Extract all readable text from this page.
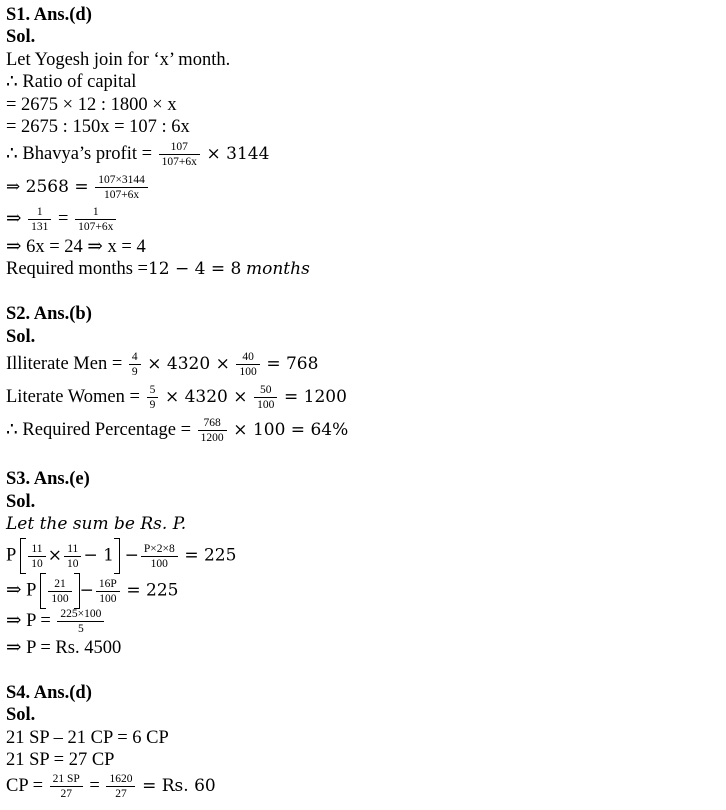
S1. Ans.(d)
Sol.
Let Yogesh join for ‘x’ month.
∴ Ratio of capital
= 2675 × 12 : 1800 × x
= 2675 : 150x = 107 : 6x
∴ Bhavya’s profit = $\frac{107}{107+6x} \times 3144$
⇒ $2568 = \frac{107\times 3144}{107+6x}$
⇒ $\frac{1}{131} = \frac{1}{107+6x}$
⇒ 6x = 24 ⇒ x = 4
Required months =12 − 4 = 8 months
S2. Ans.(b)
Sol.
Illiterate Men = $\frac{4}{9} \times 4320 \times \frac{40}{100} = 768$
Literate Women = $\frac{5}{9} \times 4320 \times \frac{50}{100} = 1200$
∴ Required Percentage = $\frac{768}{1200} \times 100 = 64\%$
S3. Ans.(e)
Sol.
Let the sum be Rs. P.
P $\frac{11}{10} \times \frac{11}{10} - 1 - \frac{P\times 2\times 8}{100} = 225$
⇒ P $\frac{21}{100} - \frac{16P}{100} = 225$
⇒ $P = \frac{225\times 100}{5}$
⇒ P = Rs. 4500
S4. Ans.(d)
Sol.
21 SP – 21 CP = 6 CP
21 SP = 27 CP
CP = $\frac{21 SP}{27} = \frac{1620}{27} = Rs$. 60
